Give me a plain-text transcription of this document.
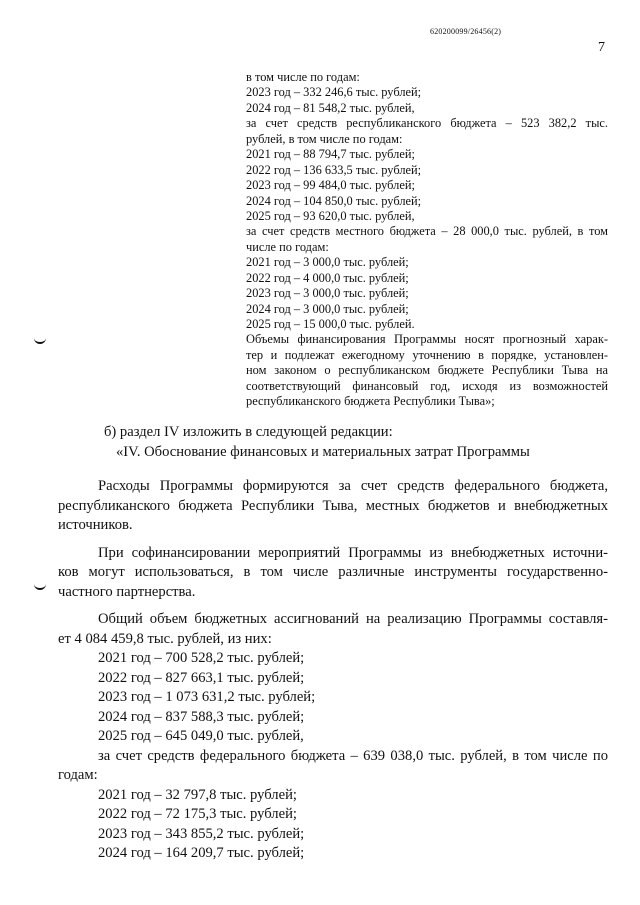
620200099/26456(2)
7
в том числе по годам:
2023 год – 332 246,6 тыс. рублей;
2024 год – 81 548,2 тыс. рублей,
за счет средств республиканского бюджета – 523 382,2 тыс.
рублей, в том числе по годам:
2021 год – 88 794,7 тыс. рублей;
2022 год – 136 633,5 тыс. рублей;
2023 год – 99 484,0 тыс. рублей;
2024 год – 104 850,0 тыс. рублей;
2025 год – 93 620,0 тыс. рублей,
за счет средств местного бюджета – 28 000,0 тыс. рублей, в том
числе по годам:
2021 год – 3 000,0 тыс. рублей;
2022 год – 4 000,0 тыс. рублей;
2023 год – 3 000,0 тыс. рублей;
2024 год – 3 000,0 тыс. рублей;
2025 год – 15 000,0 тыс. рублей.
Объемы финансирования Программы носят прогнозный харак-
тер и подлежат ежегодному уточнению в порядке, установлен-
ном законом о республиканском бюджете Республики Тыва на
соответствующий финансовый год, исходя из возможностей
республиканского бюджета Республики Тыва»;
б) раздел IV изложить в следующей редакции:
«IV. Обоснование финансовых и материальных затрат Программы
Расходы Программы формируются за счет средств федерального бюджета,
республиканского бюджета Республики Тыва, местных бюджетов и внебюджетных
источников.
При софинансировании мероприятий Программы из внебюджетных источни-
ков могут использоваться, в том числе различные инструменты государственно-
частного партнерства.
Общий объем бюджетных ассигнований на реализацию Программы составля-
ет 4 084 459,8 тыс. рублей, из них:
2021 год – 700 528,2 тыс. рублей;
2022 год – 827 663,1 тыс. рублей;
2023 год – 1 073 631,2 тыс. рублей;
2024 год – 837 588,3 тыс. рублей;
2025 год – 645 049,0 тыс. рублей,
за счет средств федерального бюджета – 639 038,0 тыс. рублей, в том числе по
годам:
2021 год – 32 797,8 тыс. рублей;
2022 год – 72 175,3 тыс. рублей;
2023 год – 343 855,2 тыс. рублей;
2024 год – 164 209,7 тыс. рублей;
